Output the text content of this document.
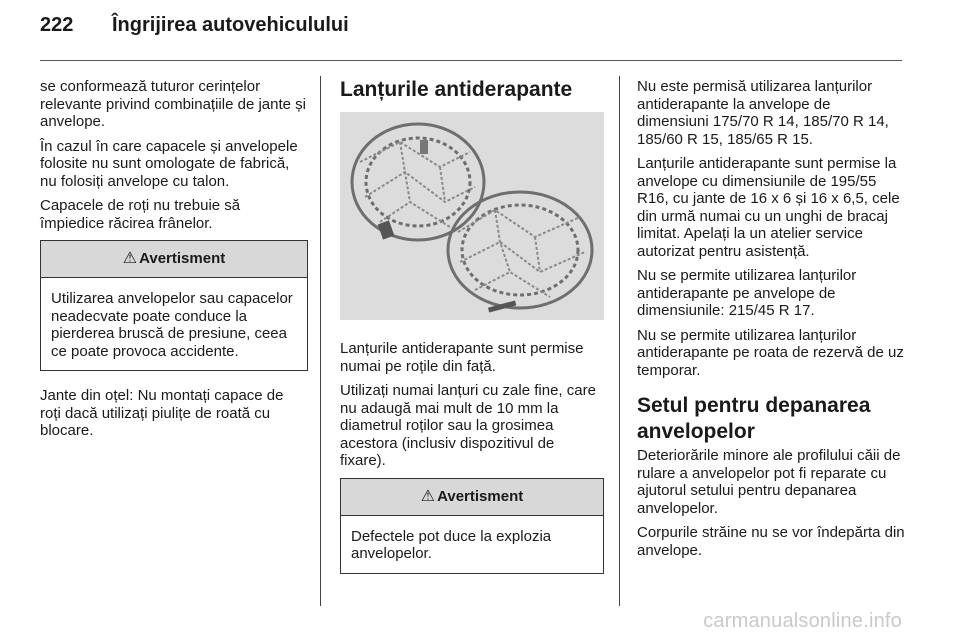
222 Îngrijirea autovehiculului

se conformează tuturor cerințelor relevante privind combinațiile de jante și anvelope.

În cazul în care capacele și anvelopele folosite nu sunt omologate de fabrică, nu folosiți anvelope cu talon.

Capacele de roți nu trebuie să împiedice răcirea frânelor.

⚠ Avertisment
Utilizarea anvelopelor sau capacelor neadecvate poate conduce la pierderea bruscă de presiune, ceea ce poate provoca accidente.

Jante din oțel: Nu montați capace de roți dacă utilizați piulițe de roată cu blocare.

Lanțurile antiderapante

Lanțurile antiderapante sunt permise numai pe roțile din față.

Utilizați numai lanțuri cu zale fine, care nu adaugă mai mult de 10 mm la diametrul roților sau la grosimea acestora (inclusiv dispozitivul de fixare).

⚠ Avertisment
Defectele pot duce la explozia anvelopelor.

Nu este permisă utilizarea lanțurilor antiderapante la anvelope de dimensiuni 175/70 R 14, 185/70 R 14, 185/60 R 15, 185/65 R 15.

Lanțurile antiderapante sunt permise la anvelope cu dimensiunile de 195/55 R16, cu jante de 16 x 6 și 16 x 6,5, cele din urmă numai cu un unghi de bracaj limitat. Apelați la un atelier service autorizat pentru asistență.

Nu se permite utilizarea lanțurilor antiderapante pe anvelope de dimensiunile: 215/45 R 17.

Nu se permite utilizarea lanțurilor antiderapante pe roata de rezervă de uz temporar.

Setul pentru depanarea anvelopelor

Deteriorările minore ale profilului căii de rulare a anvelopelor pot fi reparate cu ajutorul setului pentru depanarea anvelopelor.

Corpurile străine nu se vor îndepărta din anvelope.

carmanualsonline.info
